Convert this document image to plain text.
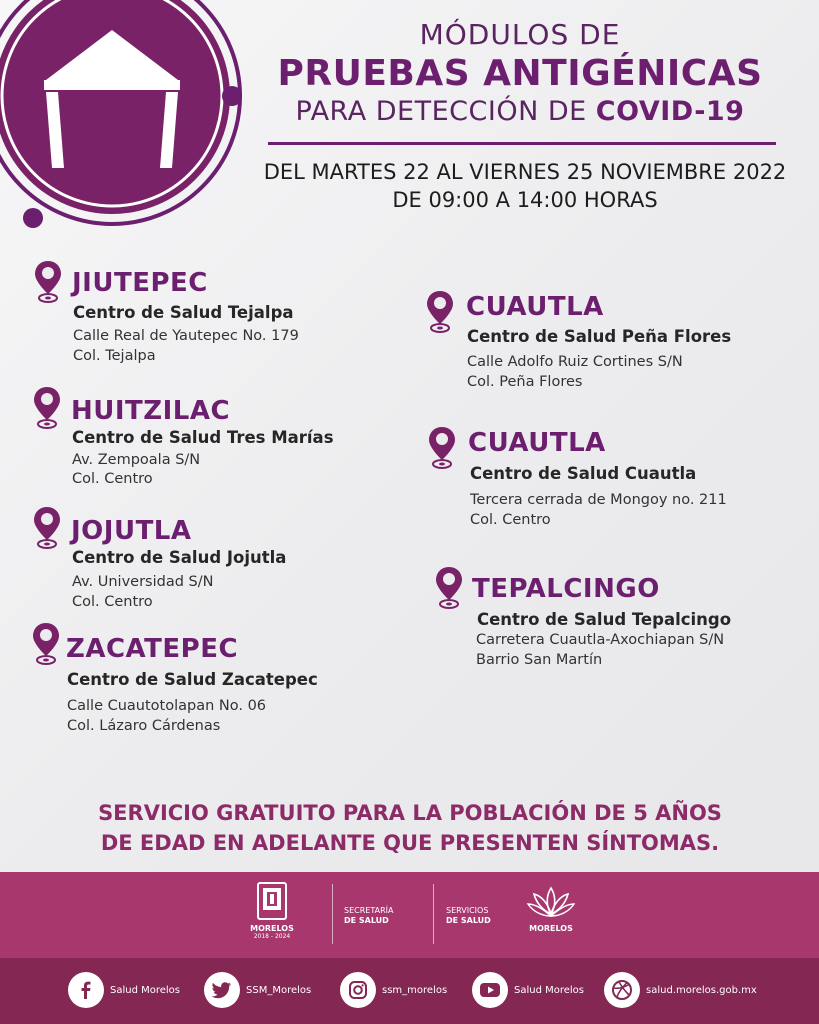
MÓDULOS DE
PRUEBAS ANTIGÉNICAS
PARA DETECCIÓN DE COVID-19
DEL MARTES 22 AL VIERNES 25 NOVIEMBRE 2022
DE 09:00 A 14:00 HORAS
JIUTEPEC
Centro de Salud Tejalpa
Calle Real de Yautepec No. 179
Col. Tejalpa
HUITZILAC
Centro de Salud Tres Marías
Av. Zempoala S/N
Col. Centro
JOJUTLA
Centro de Salud Jojutla
Av. Universidad S/N
Col. Centro
ZACATEPEC
Centro de Salud Zacatepec
Calle Cuautotolapan No. 06
Col. Lázaro Cárdenas
CUAUTLA
Centro de Salud Peña Flores
Calle Adolfo Ruiz Cortines S/N
Col. Peña Flores
CUAUTLA
Centro de Salud Cuautla
Tercera cerrada de Mongoy no. 211
Col. Centro
TEPALCINGO
Centro de Salud Tepalcingo
Carretera Cuautla-Axochiapan S/N
Barrio San Martín
SERVICIO GRATUITO PARA LA POBLACIÓN DE 5 AÑOS
DE EDAD EN ADELANTE QUE PRESENTEN SÍNTOMAS.
MORELOS
2018 - 2024
SECRETARÍA
DE SALUD
SERVICIOS
DE SALUD
MORELOS
Salud Morelos	SSM_Morelos	ssm_morelos	Salud Morelos	salud.morelos.gob.mx
